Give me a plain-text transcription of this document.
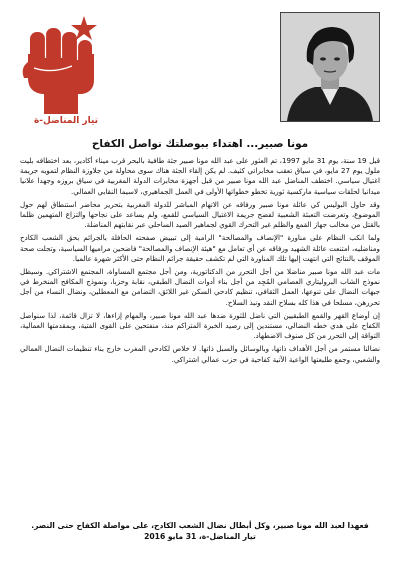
تيار المناضل-ة
مونا صبير... اهتداء ببوصلتك نواصل الكفاح

قبل 19 سنة، يوم 31 مايو 1997، تم العثور على عبد الله مونا صبير جثة طافية بالبحر قرب ميناء أكادير، بعد اختطافه بليت ملول يوم 27 مايو، في سياق تعقب مخابراتي كثيف. لم يكن إلقاء الجثة هناك سوى محاولة من جلاوزة النظام لتمويه جريمة اغتيال سياسي. اختطف المناضل عبد الله مونا صبير من قبل أجهزة مخابرات الدولة المغربية في سياق بروزه وجهدا علانيا ميدانيا لحلقات سياسية ماركسية ثورية تخطو خطواتها الأولى في العمل الجماهيري، لاسيما النقابي العمالي.

وقد حاول البوليس كي عائلة مونا صبير ورفاقه عن الاتهام المباشر للدولة المغربية بتحرير محاضر استنطاق لهم حول الموضوع، وتعرضت التعبئة الشعبية لفضح جريمة الاغتيال السياسي للقمع، ولم يساعد على نجاحها والتزاع المتهمين ظلما بالقتل من مخالب جهاز القمع والظلم غير التحرك القوي لجماهير الصيد الساحلي عبر نقابتهم المناضلة.

ولما انكب النظام على مناورة "الإنصاف والمصالحة" الرامية إلى تبييض صفحته الحافلة بالجرائم بحق الشعب الكادح ومناضليه، امتنعت عائلة الشهيد ورفاقه عن أي تعامل مع "هيئة الإنصاف والمصالحة" فاضحين مراميها السياسية، وتجلت صحة الموقف بالنتائج التي انتهت إليها تلك المناورة التي لم تكشف حقيقة جرائم النظام حتى الأكثر شهرة عالميا.

مات عبد الله مونا صبير مناضلا من أجل التحرر من الدكتاتورية، ومن أجل مجتمع المساواة، المجتمع الاشتراكي. وسيظل نموذج الشاب البروليتاري العصامي المُجِد من أجل بناء أدوات النضال الطبقي، نقابة وحزبا، ونموذج المكافح المنخرط في جبهات النضال على تنوعها، العمل الثقافي، تنظيم كادحي السكن غير اللائق، التضامن مع المعطلين، ونضال النساء من أجل تحررهن، مسلحا في هذا كله بسلاح النقد ونبذ السلاح.

إن أوضاع القهر والقمع الطبقيين التي ناضل للثورة ضدها عبد الله مونا صبير، والمهام إزاءها، لا تزال قائمة، لذا سنواصل الكفاح على هدي خطه النضالي، مستندين إلى رصيد الخبرة المتراكم منذ، منفتحين على القوى الفتية، وبمقدمتها العمالية، التواقة إلى التحرر من كل صنوف الاضطهاد.

نضالنا مستمر من أجل الأهداف ذاتها، وبالوسائل والسبل ذاتها. لا خلاص لكادحي المغرب خارج بناء تنظيمات النضال العمالي والشعبي، وجمع طليعتها الواعية الآتية كفاحية في حزب عمالي اشتراكي.

فعهدا لعبد الله مونا صبير، وكل أبطال نضال الشعب الكادح، على مواصلة الكفاح حتى النصر.
تيار المناضل-ة، 31 مايو 2016
